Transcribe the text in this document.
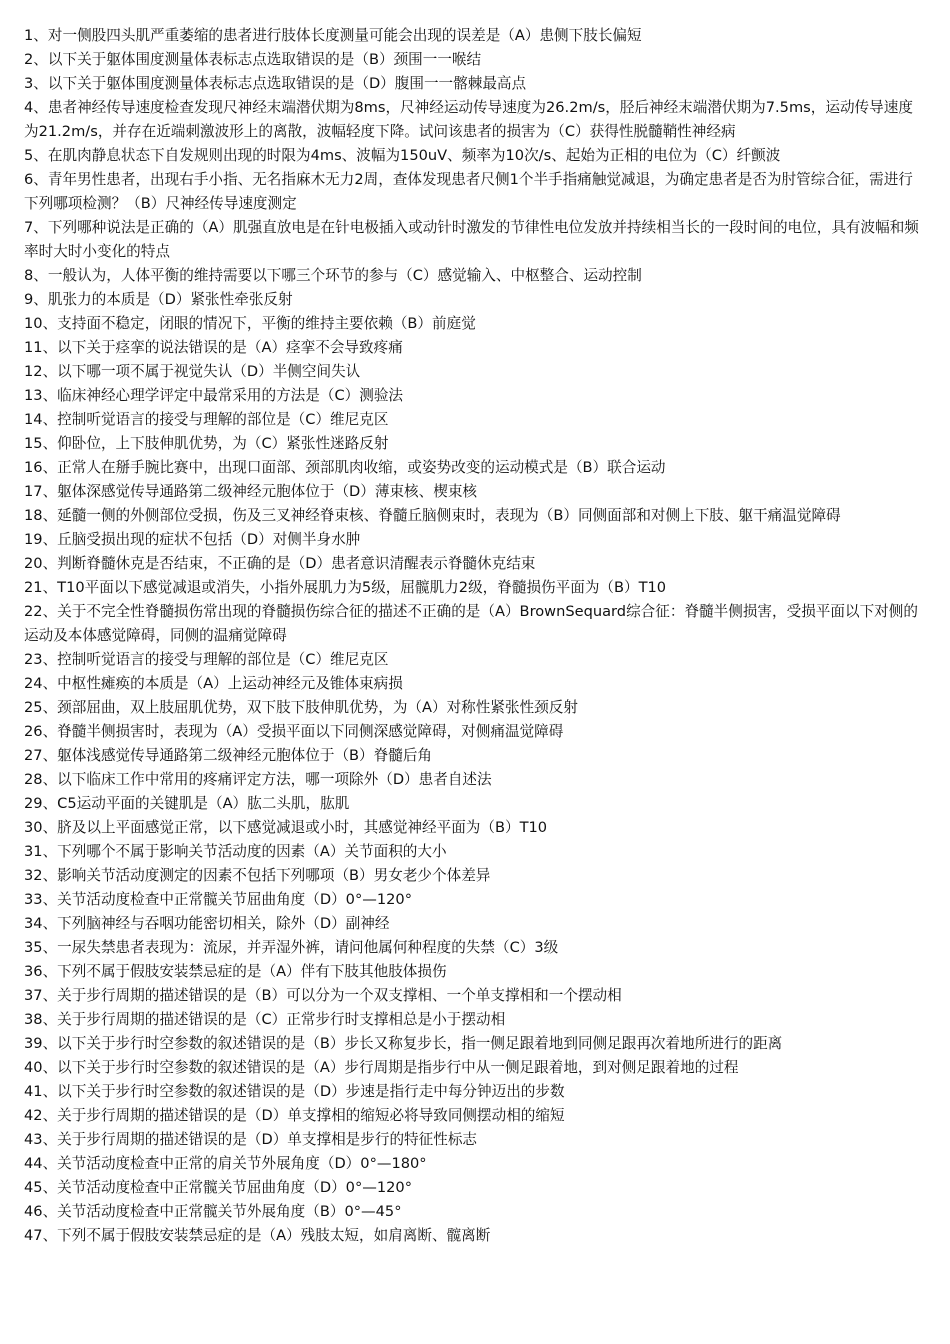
1、对一侧股四头肌严重萎缩的患者进行肢体长度测量可能会出现的误差是（A）患侧下肢长偏短

2、以下关于躯体围度测量体表标志点选取错误的是（B）颈围一一喉结

3、以下关于躯体围度测量体表标志点选取错误的是（D）腹围一一髂棘最高点

4、患者神经传导速度检查发现尺神经末端潜伏期为8ms，尺神经运动传导速度为26.2m/s，胫后神经末端潜伏期为7.5ms，运动传导速度为21.2m/s，并存在近端刺激波形上的离散，波幅轻度下降。试问该患者的损害为（C）获得性脱髓鞘性神经病

5、在肌肉静息状态下自发规则出现的时限为4ms、波幅为150uV、频率为10次/s、起始为正相的电位为（C）纤颤波

6、青年男性患者，出现右手小指、无名指麻木无力2周，查体发现患者尺侧1个半手指痛触觉减退，为确定患者是否为肘管综合征，需进行下列哪项检测？（B）尺神经传导速度测定

7、下列哪种说法是正确的（A）肌强直放电是在针电极插入或动针时激发的节律性电位发放并持续相当长的一段时间的电位，具有波幅和频率时大时小变化的特点

8、一般认为，人体平衡的维持需要以下哪三个环节的参与（C）感觉输入、中枢整合、运动控制

9、肌张力的本质是（D）紧张性牵张反射

10、支持面不稳定，闭眼的情况下，平衡的维持主要依赖（B）前庭觉

11、以下关于痉挛的说法错误的是（A）痉挛不会导致疼痛

12、以下哪一项不属于视觉失认（D）半侧空间失认

13、临床神经心理学评定中最常采用的方法是（C）测验法

14、控制听觉语言的接受与理解的部位是（C）维尼克区

15、仰卧位，上下肢伸肌优势，为（C）紧张性迷路反射

16、正常人在掰手腕比赛中，出现口面部、颈部肌肉收缩，或姿势改变的运动模式是（B）联合运动

17、躯体深感觉传导通路第二级神经元胞体位于（D）薄束核、楔束核

18、延髓一侧的外侧部位受损，伤及三叉神经脊束核、脊髓丘脑侧束时，表现为（B）同侧面部和对侧上下肢、躯干痛温觉障碍

19、丘脑受损出现的症状不包括（D）对侧半身水肿

20、判断脊髓休克是否结束，不正确的是（D）患者意识清醒表示脊髓休克结束

21、T10平面以下感觉减退或消失，小指外展肌力为5级，屈髋肌力2级，脊髓损伤平面为（B）T10

22、关于不完全性脊髓损伤常出现的脊髓损伤综合征的描述不正确的是（A）BrownSequard综合征：脊髓半侧损害，受损平面以下对侧的运动及本体感觉障碍，同侧的温痛觉障碍

23、控制听觉语言的接受与理解的部位是（C）维尼克区

24、中枢性瘫痪的本质是（A）上运动神经元及锥体束病损

25、颈部屈曲，双上肢屈肌优势，双下肢下肢伸肌优势，为（A）对称性紧张性颈反射

26、脊髓半侧损害时，表现为（A）受损平面以下同侧深感觉障碍，对侧痛温觉障碍

27、躯体浅感觉传导通路第二级神经元胞体位于（B）脊髓后角

28、以下临床工作中常用的疼痛评定方法，哪一项除外（D）患者自述法

29、C5运动平面的关键肌是（A）肱二头肌，肱肌

30、脐及以上平面感觉正常，以下感觉减退或小时，其感觉神经平面为（B）T10

31、下列哪个不属于影响关节活动度的因素（A）关节面积的大小

32、影响关节活动度测定的因素不包括下列哪项（B）男女老少个体差异

33、关节活动度检查中正常髋关节屈曲角度（D）0°—120°

34、下列脑神经与吞咽功能密切相关，除外（D）副神经

35、一尿失禁患者表现为：流尿，并弄湿外裤，请问他属何种程度的失禁（C）3级

36、下列不属于假肢安装禁忌症的是（A）伴有下肢其他肢体损伤

37、关于步行周期的描述错误的是（B）可以分为一个双支撑相、一个单支撑相和一个摆动相

38、关于步行周期的描述错误的是（C）正常步行时支撑相总是小于摆动相

39、以下关于步行时空参数的叙述错误的是（B）步长又称复步长，指一侧足跟着地到同侧足跟再次着地所进行的距离

40、以下关于步行时空参数的叙述错误的是（A）步行周期是指步行中从一侧足跟着地，到对侧足跟着地的过程

41、以下关于步行时空参数的叙述错误的是（D）步速是指行走中每分钟迈出的步数

42、关于步行周期的描述错误的是（D）单支撑相的缩短必将导致同侧摆动相的缩短

43、关于步行周期的描述错误的是（D）单支撑相是步行的特征性标志

44、关节活动度检查中正常的肩关节外展角度（D）0°—180°

45、关节活动度检查中正常髋关节屈曲角度（D）0°—120°

46、关节活动度检查中正常髋关节外展角度（B）0°—45°

47、下列不属于假肢安装禁忌症的是（A）残肢太短，如肩离断、髋离断
